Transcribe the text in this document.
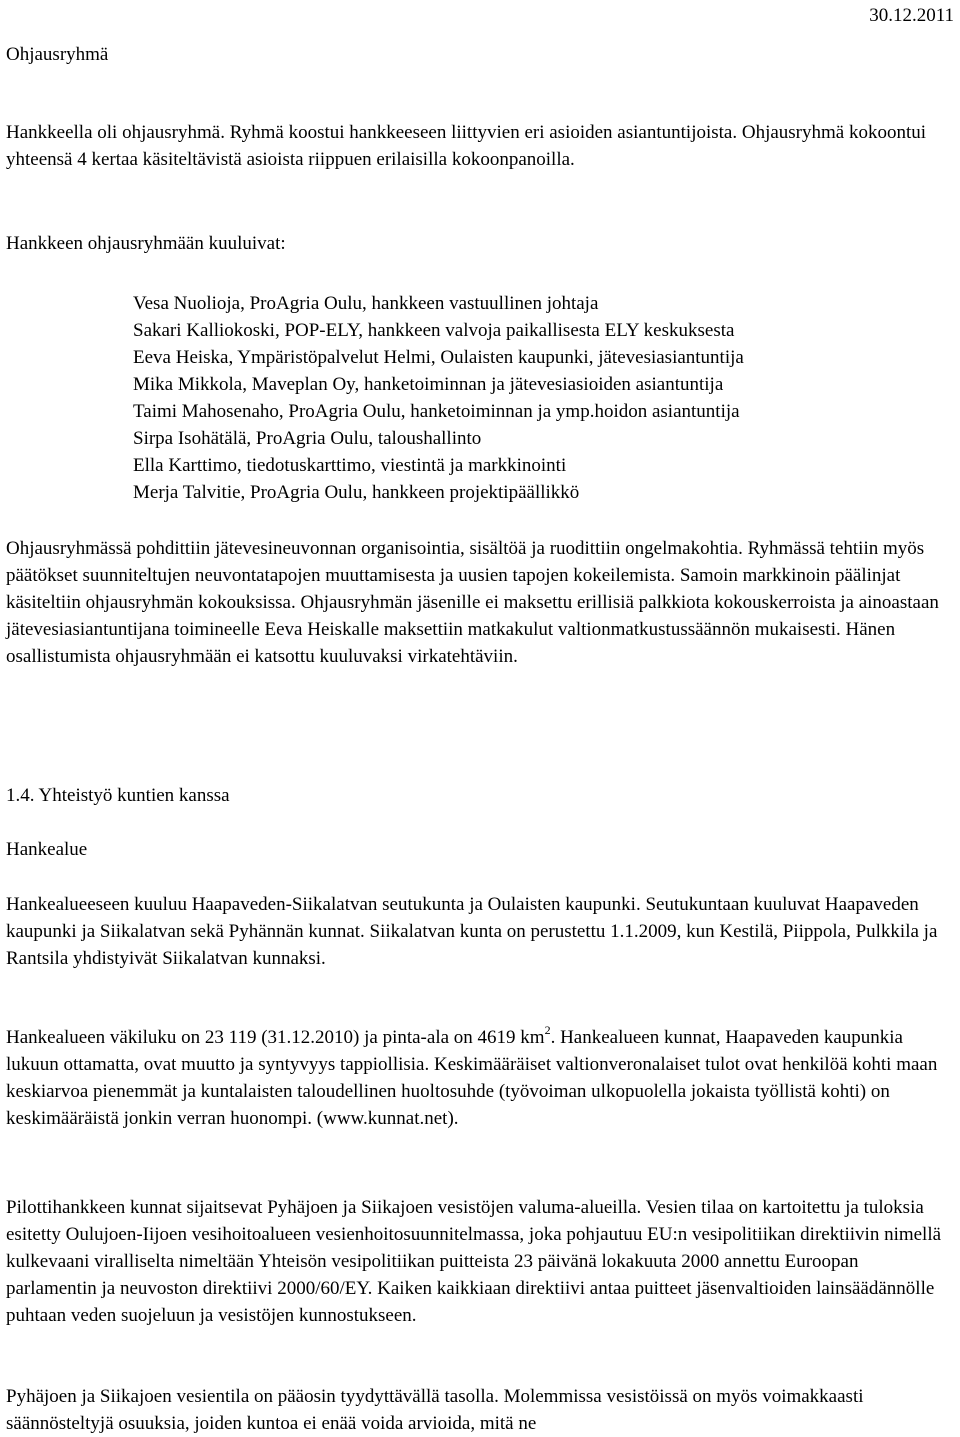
30.12.2011

Ohjausryhmä

Hankkeella oli ohjausryhmä. Ryhmä koostui hankkeeseen liittyvien eri asioiden asiantuntijoista. Ohjausryhmä kokoontui yhteensä 4 kertaa käsiteltävistä asioista riippuen erilaisilla kokoonpanoilla.

Hankkeen ohjausryhmään kuuluivat:

Vesa Nuolioja, ProAgria Oulu, hankkeen vastuullinen johtaja
Sakari Kalliokoski, POP-ELY, hankkeen valvoja paikallisesta ELY keskuksesta
Eeva Heiska, Ympäristöpalvelut Helmi, Oulaisten kaupunki, jätevesiasiantuntija
Mika Mikkola, Maveplan Oy, hanketoiminnan ja jätevesiasioiden asiantuntija
Taimi Mahosenaho, ProAgria Oulu, hanketoiminnan ja ymp.hoidon asiantuntija
Sirpa Isohätälä, ProAgria Oulu, taloushallinto
Ella Karttimo, tiedotuskarttimo, viestintä ja markkinointi
Merja Talvitie, ProAgria Oulu, hankkeen projektipäällikkö

Ohjausryhmässä pohdittiin jätevesineuvonnan organisointia, sisältöä ja ruodittiin ongelmakohtia. Ryhmässä tehtiin myös päätökset suunniteltujen neuvontatapojen muuttamisesta ja uusien tapojen kokeilemista. Samoin markkinoin päälinjat käsiteltiin ohjausryhmän kokouksissa. Ohjausryhmän jäsenille ei maksettu erillisiä palkkiota kokouskerroista ja ainoastaan jätevesiasiantuntijana toimineelle Eeva Heiskalle maksettiin matkakulut valtionmatkustussäännön mukaisesti. Hänen osallistumista ohjausryhmään ei katsottu kuuluvaksi virkatehtäviin.

1.4. Yhteistyö kuntien kanssa

Hankealue

Hankealueeseen kuuluu Haapaveden-Siikalatvan seutukunta ja Oulaisten kaupunki. Seutukuntaan kuuluvat Haapaveden kaupunki ja Siikalatvan sekä Pyhännän kunnat. Siikalatvan kunta on perustettu 1.1.2009, kun Kestilä, Piippola, Pulkkila ja Rantsila yhdistyivät Siikalatvan kunnaksi.

Hankealueen väkiluku on 23 119 (31.12.2010) ja pinta-ala on 4619 $km^2$. Hankealueen kunnat, Haapaveden kaupunkia lukuun ottamatta, ovat muutto ja syntyvyys tappiollisia. Keskimääräiset valtionveronalaiset tulot ovat henkilöä kohti maan keskiarvoa pienemmät ja kuntalaisten taloudellinen huoltosuhde (työvoiman ulkopuolella jokaista työllistä kohti) on keskimääräistä jonkin verran huonompi. (www.kunnat.net).

Pilottihankkeen kunnat sijaitsevat Pyhäjoen ja Siikajoen vesistöjen valuma-alueilla. Vesien tilaa on kartoitettu ja tuloksia esitetty Oulujoen-Iijoen vesihoitoalueen vesienhoitosuunnitelmassa, joka pohjautuu EU:n vesipolitiikan direktiivin nimellä kulkevaani viralliselta nimeltään Yhteisön vesipolitiikan puitteista 23 päivänä lokakuuta 2000 annettu Euroopan parlamentin ja neuvoston direktiivi 2000/60/EY. Kaiken kaikkiaan direktiivi antaa puitteet jäsenvaltioiden lainsäädännölle puhtaan veden suojeluun ja vesistöjen kunnostukseen.

Pyhäjoen ja Siikajoen vesientila on pääosin tyydyttävällä tasolla. Molemmissa vesistöissä on myös voimakkaasti säännösteltyjä osuuksia, joiden kuntoa ei enää voida arvioida, mitä ne
